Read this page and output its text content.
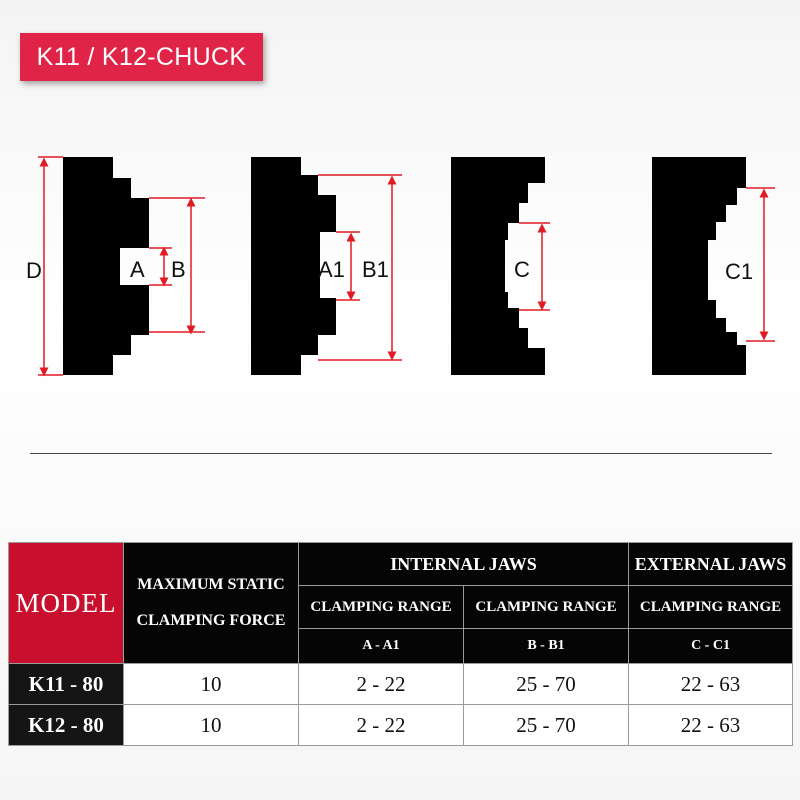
K11 / K12-CHUCK
D	A B	A1 B1	C	C1
MODEL	MAXIMUM STATIC CLAMPING FORCE	INTERNAL JAWS		EXTERNAL JAWS
		CLAMPING RANGE	CLAMPING RANGE	CLAMPING RANGE
		A - A1	B - B1	C - C1
K11 - 80	10	2 - 22	25 - 70	22 - 63
K12 - 80	10	2 - 22	25 - 70	22 - 63
